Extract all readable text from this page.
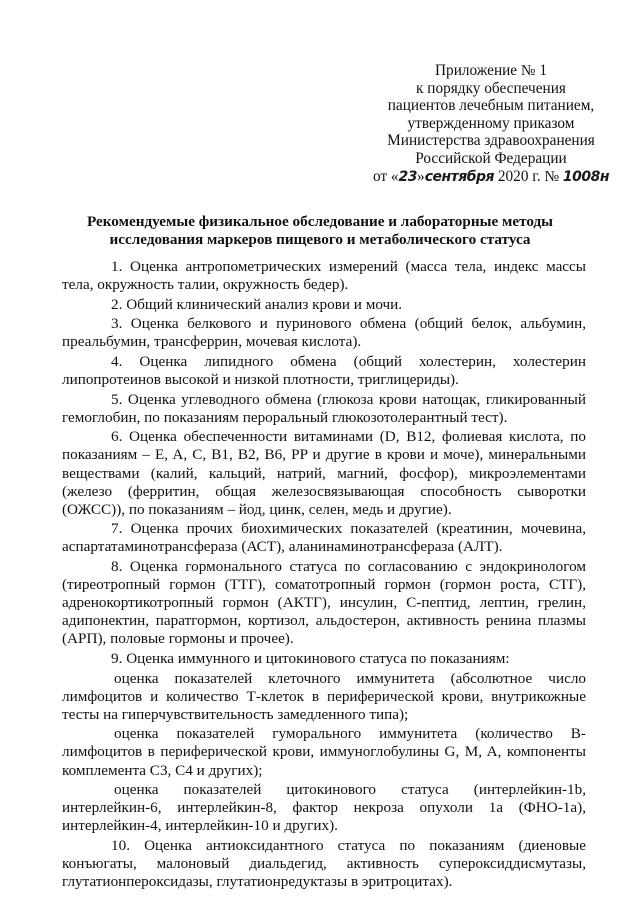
Приложение № 1
к порядку обеспечения
пациентов лечебным питанием,
утвержденному приказом
Министерства здравоохранения
Российской Федерации
от «23»сентября 2020 г. № 1008н
Рекомендуемые физикальное обследование и лабораторные методы
исследования маркеров пищевого и метаболического статуса

1. Оценка антропометрических измерений (масса тела, индекс массы тела, окружность талии, окружность бедер).

2. Общий клинический анализ крови и мочи.

3. Оценка белкового и пуринового обмена (общий белок, альбумин, преальбумин, трансферрин, мочевая кислота).

4. Оценка липидного обмена (общий холестерин, холестерин липопротеинов высокой и низкой плотности, триглицериды).

5. Оценка углеводного обмена (глюкоза крови натощак, гликированный гемоглобин, по показаниям пероральный глюкозотолерантный тест).

6. Оценка обеспеченности витаминами (D, B12, фолиевая кислота, по показаниям – E, A, C, B1, B2, B6, PP и другие в крови и моче), минеральными веществами (калий, кальций, натрий, магний, фосфор), микроэлементами (железо (ферритин, общая железосвязывающая способность сыворотки (ОЖСС)), по показаниям – йод, цинк, селен, медь и другие).

7. Оценка прочих биохимических показателей (креатинин, мочевина, аспартатаминотрансфераза (АСТ), аланинаминотрансфераза (АЛТ).

8. Оценка гормонального статуса по согласованию с эндокринологом (тиреотропный гормон (ТТГ), соматотропный гормон (гормон роста, СТГ), адренокортикотропный гормон (АКТГ), инсулин, С-пептид, лептин, грелин, адипонектин, паратгормон, кортизол, альдостерон, активность ренина плазмы (АРП), половые гормоны и прочее).

9. Оценка иммунного и цитокинового статуса по показаниям:

оценка показателей клеточного иммунитета (абсолютное число лимфоцитов и количество Т-клеток в периферической крови, внутрикожные тесты на гиперчувствительность замедленного типа);

оценка показателей гуморального иммунитета (количество В-лимфоцитов в периферической крови, иммуноглобулины G, M, A, компоненты комплемента С3, С4 и других);

оценка показателей цитокинового статуса (интерлейкин-1b, интерлейкин-6, интерлейкин-8, фактор некроза опухоли 1а (ФНО-1а), интерлейкин-4, интерлейкин-10 и других).

10. Оценка антиоксидантного статуса по показаниям (диеновые конъюгаты, малоновый диальдегид, активность супероксиддисмутазы, глутатионпероксидазы, глутатионредуктазы в эритроцитах).
